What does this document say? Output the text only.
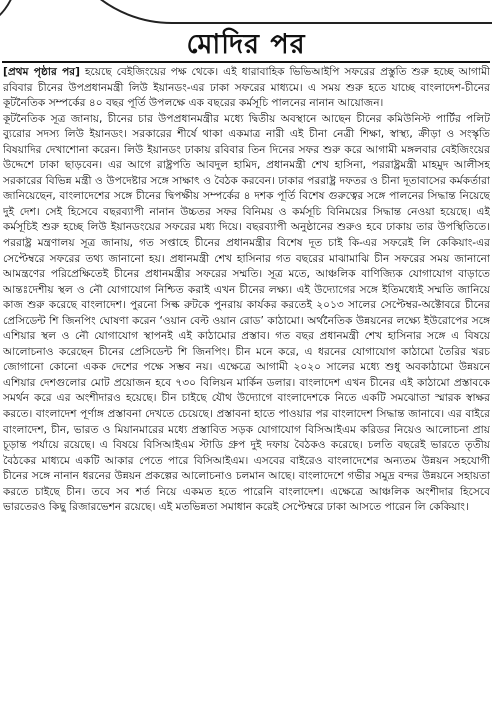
মোদির পর

[প্রথম পৃষ্ঠার পর] হয়েছে বেইজিংয়ের পক্ষ থেকে। এই ধারাবাহিক ভিভিআইপি সফরের প্রস্তুতি শুরু হচ্ছে আগামী রবিবার চীনের উপপ্রধানমন্ত্রী লিউ ইয়ানডং-এর ঢাকা সফরের মাধ্যমে। এ সময় শুরু হতে যাচ্ছে বাংলাদেশ-চীনের কূটনৈতিক সম্পর্কের ৪০ বছর পূর্তি উপলক্ষে এক বছরের কর্মসূচি পালনের নানান আয়োজন।

কূটনৈতিক সূত্র জানায়, চীনের চার উপপ্রধানমন্ত্রীর মধ্যে দ্বিতীয় অবস্থানে আছেন চীনের কমিউনিস্ট পার্টির পলিট ব্যুরোর সদস্য লিউ ইয়ানডং। সরকারের শীর্ষে থাকা একমাত্র নারী এই চীনা নেত্রী শিক্ষা, স্বাস্থ্য, ক্রীড়া ও সংস্কৃতি বিষয়াদির দেখাশোনা করেন। লিউ ইয়ানডং ঢাকায় রবিবার তিন দিনের সফর শুরু করে আগামী মঙ্গলবার বেইজিংয়ের উদ্দেশে ঢাকা ছাড়বেন। এর আগে রাষ্ট্রপতি আবদুল হামিদ, প্রধানমন্ত্রী শেখ হাসিনা, পররাষ্ট্রমন্ত্রী মাহমুদ আলীসহ সরকারের বিভিন্ন মন্ত্রী ও উপদেষ্টার সঙ্গে সাক্ষাৎ ও বৈঠক করবেন। ঢাকার পররাষ্ট্র দফতর ও চীনা দূতাবাসের কর্মকর্তারা জানিয়েছেন, বাংলাদেশের সঙ্গে চীনের দ্বিপক্ষীয় সম্পর্কের ৪ দশক পূর্তি বিশেষ গুরুত্বের সঙ্গে পালনের সিদ্ধান্ত নিয়েছে দুই দেশ। সেই হিসেবে বছরব্যাপী নানান উচ্চতর সফর বিনিময় ও কর্মসূচি বিনিময়ের সিদ্ধান্ত নেওয়া হয়েছে। এই কর্মসূচিই শুরু হচ্ছে লিউ ইয়ানডংয়ের সফরের মধ্য দিয়ে। বছরব্যাপী অনুষ্ঠানের শুরুও হবে ঢাকায় তার উপস্থিতিতে। পররাষ্ট্র মন্ত্রণালয় সূত্র জানায়, গত সপ্তাহে চীনের প্রধানমন্ত্রীর বিশেষ দূত চাই কি-এর সফরেই লি কেকিয়াং-এর সেপ্টেম্বরে সফরের তথ্য জানানো হয়। প্রধানমন্ত্রী শেখ হাসিনার গত বছরের মাঝামাঝি চীন সফরের সময় জানানো আমন্ত্রণের পরিপ্রেক্ষিতেই চীনের প্রধানমন্ত্রীর সফরের সম্মতি। সূত্র মতে, আঞ্চলিক বাণিজ্যিক যোগাযোগ বাড়াতে আন্তঃদেশীয় স্থল ও নৌ যোগাযোগ নিশ্চিত করাই এখন চীনের লক্ষ্য। এই উদ্যোগের সঙ্গে ইতিমধ্যেই সম্মতি জানিয়ে কাজ শুরু করেছে বাংলাদেশ। পুরনো সিল্ক রুটকে পুনরায় কার্যকর করতেই ২০১৩ সালের সেপ্টেম্বর-অক্টোবরে চীনের প্রেসিডেন্ট শি জিনপিং ঘোষণা করেন ‘ওয়ান বেল্ট ওয়ান রোড’ কাঠামো। অর্থনৈতিক উন্নয়নের লক্ষ্যে ইউরোপের সঙ্গে এশিয়ার স্থল ও নৌ যোগাযোগ স্থাপনই এই কাঠামোর প্রস্তাব। গত বছর প্রধানমন্ত্রী শেখ হাসিনার সঙ্গে এ বিষয়ে আলোচনাও করেছেন চীনের প্রেসিডেন্ট শি জিনপিং। চীন মনে করে, এ ধরনের যোগাযোগ কাঠামো তৈরির খরচ জোগানো কোনো একক দেশের পক্ষে সম্ভব নয়। এক্ষেত্রে আগামী ২০২০ সালের মধ্যে শুধু অবকাঠামো উন্নয়নে এশিয়ার দেশগুলোর মোট প্রয়োজন হবে ৭৩০ বিলিয়ন মার্কিন ডলার। বাংলাদেশ এখন চীনের এই কাঠামো প্রস্তাবকে সমর্থন করে এর অংশীদারও হয়েছে। চীন চাইছে যৌথ উদ্যোগে বাংলাদেশকে নিতে একটি সমঝোতা স্মারক স্বাক্ষর করতে। বাংলাদেশ পূর্ণাঙ্গ প্রস্তাবনা দেখতে চেয়েছে। প্রস্তাবনা হাতে পাওয়ার পর বাংলাদেশ সিদ্ধান্ত জানাবে। এর বাইরে বাংলাদেশ, চীন, ভারত ও মিয়ানমারের মধ্যে প্রস্তাবিত সড়ক যোগাযোগ বিসিআইএম করিডর নিয়েও আলোচনা প্রায় চূড়ান্ত পর্যায়ে রয়েছে। এ বিষয়ে বিসিআইএম স্টাডি গ্রুপ দুই দফায় বৈঠকও করেছে। চলতি বছরেই ভারতে তৃতীয় বৈঠকের মাধ্যমে একটি আকার পেতে পারে বিসিআইএম। এসবের বাইরেও বাংলাদেশের অন্যতম উন্নয়ন সহযোগী চীনের সঙ্গে নানান ধরনের উন্নয়ন প্রকল্পের আলোচনাও চলমান আছে। বাংলাদেশে গভীর সমুদ্র বন্দর উন্নয়নে সহায়তা করতে চাইছে চীন। তবে সব শর্ত নিয়ে একমত হতে পারেনি বাংলাদেশ। এক্ষেত্রে আঞ্চলিক অংশীদার হিসেবে ভারতেরও কিছু রিজারভেশন রয়েছে। এই মতভিন্নতা সমাধান করেই সেপ্টেম্বরে ঢাকা আসতে পারেন লি কেকিয়াং।
